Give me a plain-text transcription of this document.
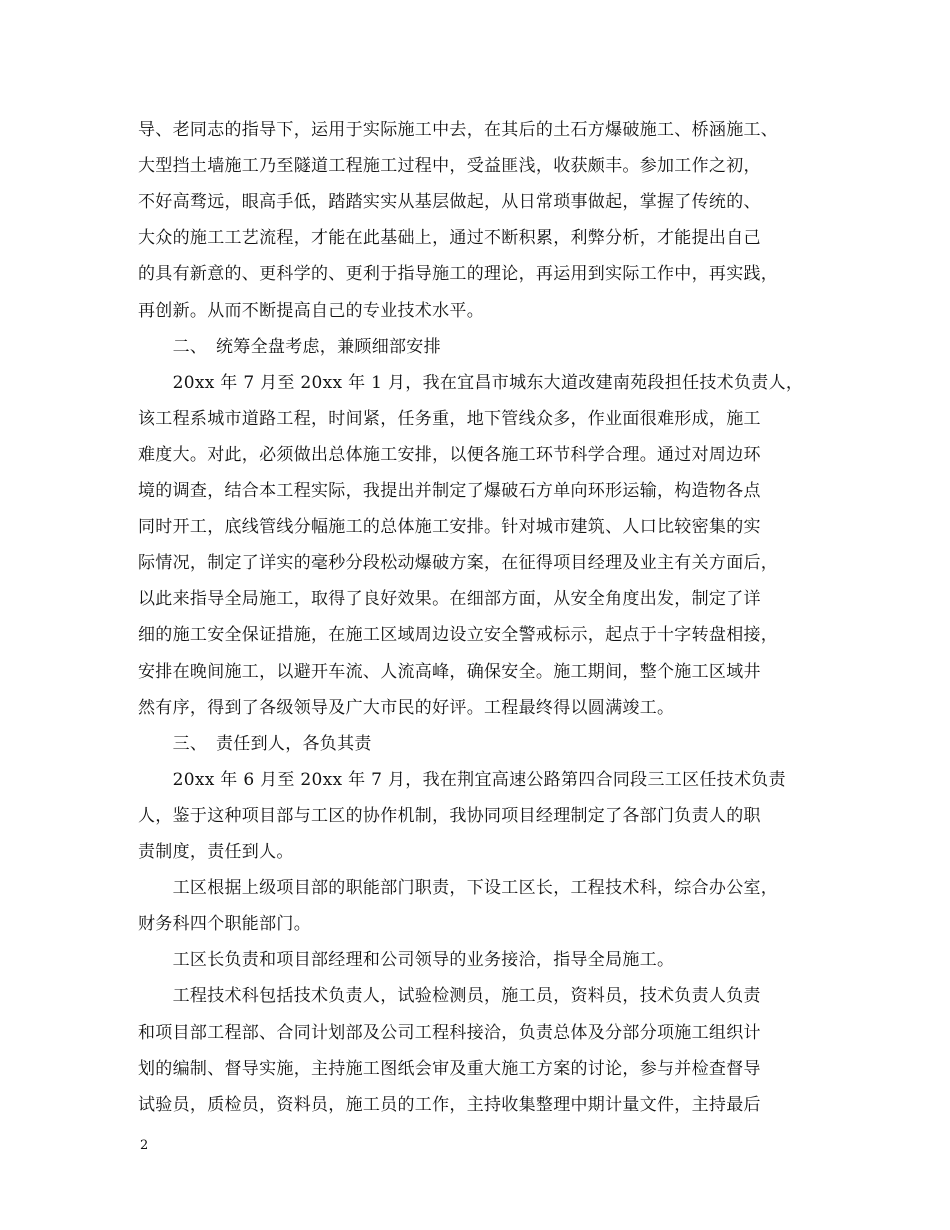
导、老同志的指导下，运用于实际施工中去，在其后的土石方爆破施工、桥涵施工、
大型挡土墙施工乃至隧道工程施工过程中，受益匪浅，收获颇丰。参加工作之初，
不好高骛远，眼高手低，踏踏实实从基层做起，从日常琐事做起，掌握了传统的、
大众的施工工艺流程，才能在此基础上，通过不断积累，利弊分析，才能提出自己
的具有新意的、更科学的、更利于指导施工的理论，再运用到实际工作中，再实践，
再创新。从而不断提高自己的专业技术水平。
　　二、　统筹全盘考虑，兼顾细部安排
　　20xx 年 7 月至 20xx 年 1 月，我在宜昌市城东大道改建南苑段担任技术负责人，
该工程系城市道路工程，时间紧，任务重，地下管线众多，作业面很难形成，施工
难度大。对此，必须做出总体施工安排，以便各施工环节科学合理。通过对周边环
境的调查，结合本工程实际，我提出并制定了爆破石方单向环形运输，构造物各点
同时开工，底线管线分幅施工的总体施工安排。针对城市建筑、人口比较密集的实
际情况，制定了详实的毫秒分段松动爆破方案，在征得项目经理及业主有关方面后，
以此来指导全局施工，取得了良好效果。在细部方面，从安全角度出发，制定了详
细的施工安全保证措施，在施工区域周边设立安全警戒标示，起点于十字转盘相接，
安排在晚间施工，以避开车流、人流高峰，确保安全。施工期间，整个施工区域井
然有序，得到了各级领导及广大市民的好评。工程最终得以圆满竣工。
　　三、　责任到人，各负其责
　　20xx 年 6 月至 20xx 年 7 月，我在荆宜高速公路第四合同段三工区任技术负责
人，鉴于这种项目部与工区的协作机制，我协同项目经理制定了各部门负责人的职
责制度，责任到人。
　　工区根据上级项目部的职能部门职责，下设工区长，工程技术科，综合办公室，
财务科四个职能部门。
　　工区长负责和项目部经理和公司领导的业务接洽，指导全局施工。
　　工程技术科包括技术负责人，试验检测员，施工员，资料员，技术负责人负责
和项目部工程部、合同计划部及公司工程科接洽，负责总体及分部分项施工组织计
划的编制、督导实施，主持施工图纸会审及重大施工方案的讨论，参与并检查督导
试验员，质检员，资料员，施工员的工作，主持收集整理中期计量文件，主持最后
2
